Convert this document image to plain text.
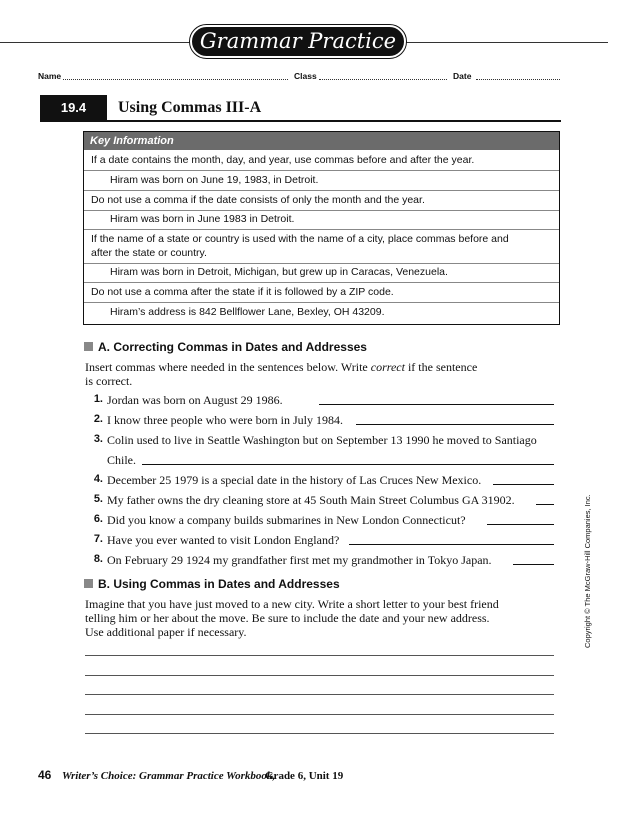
Grammar Practice
Name	Class	Date
19.4	Using Commas III-A
Key Information
If a date contains the month, day, and year, use commas before and after the year.
Hiram was born on June 19, 1983, in Detroit.
Do not use a comma if the date consists of only the month and the year.
Hiram was born in June 1983 in Detroit.
If the name of a state or country is used with the name of a city, place commas before and
after the state or country.
Hiram was born in Detroit, Michigan, but grew up in Caracas, Venezuela.
Do not use a comma after the state if it is followed by a ZIP code.
Hiram’s address is 842 Bellflower Lane, Bexley, OH 43209.
A. Correcting Commas in Dates and Addresses
Insert commas where needed in the sentences below. Write correct if the sentence
is correct.
1. Jordan was born on August 29 1986.
2. I know three people who were born in July 1984.
3. Colin used to live in Seattle Washington but on September 13 1990 he moved to Santiago
Chile.
4. December 25 1979 is a special date in the history of Las Cruces New Mexico.
5. My father owns the dry cleaning store at 45 South Main Street Columbus GA 31902.
6. Did you know a company builds submarines in New London Connecticut?
7. Have you ever wanted to visit London England?
8. On February 29 1924 my grandfather first met my grandmother in Tokyo Japan.
B. Using Commas in Dates and Addresses
Imagine that you have just moved to a new city. Write a short letter to your best friend
telling him or her about the move. Be sure to include the date and your new address.
Use additional paper if necessary.	Copyright © The McGraw-Hill Companies, Inc.
46 Writer’s Choice: Grammar Practice Workbook,
Grade 6, Unit 19
